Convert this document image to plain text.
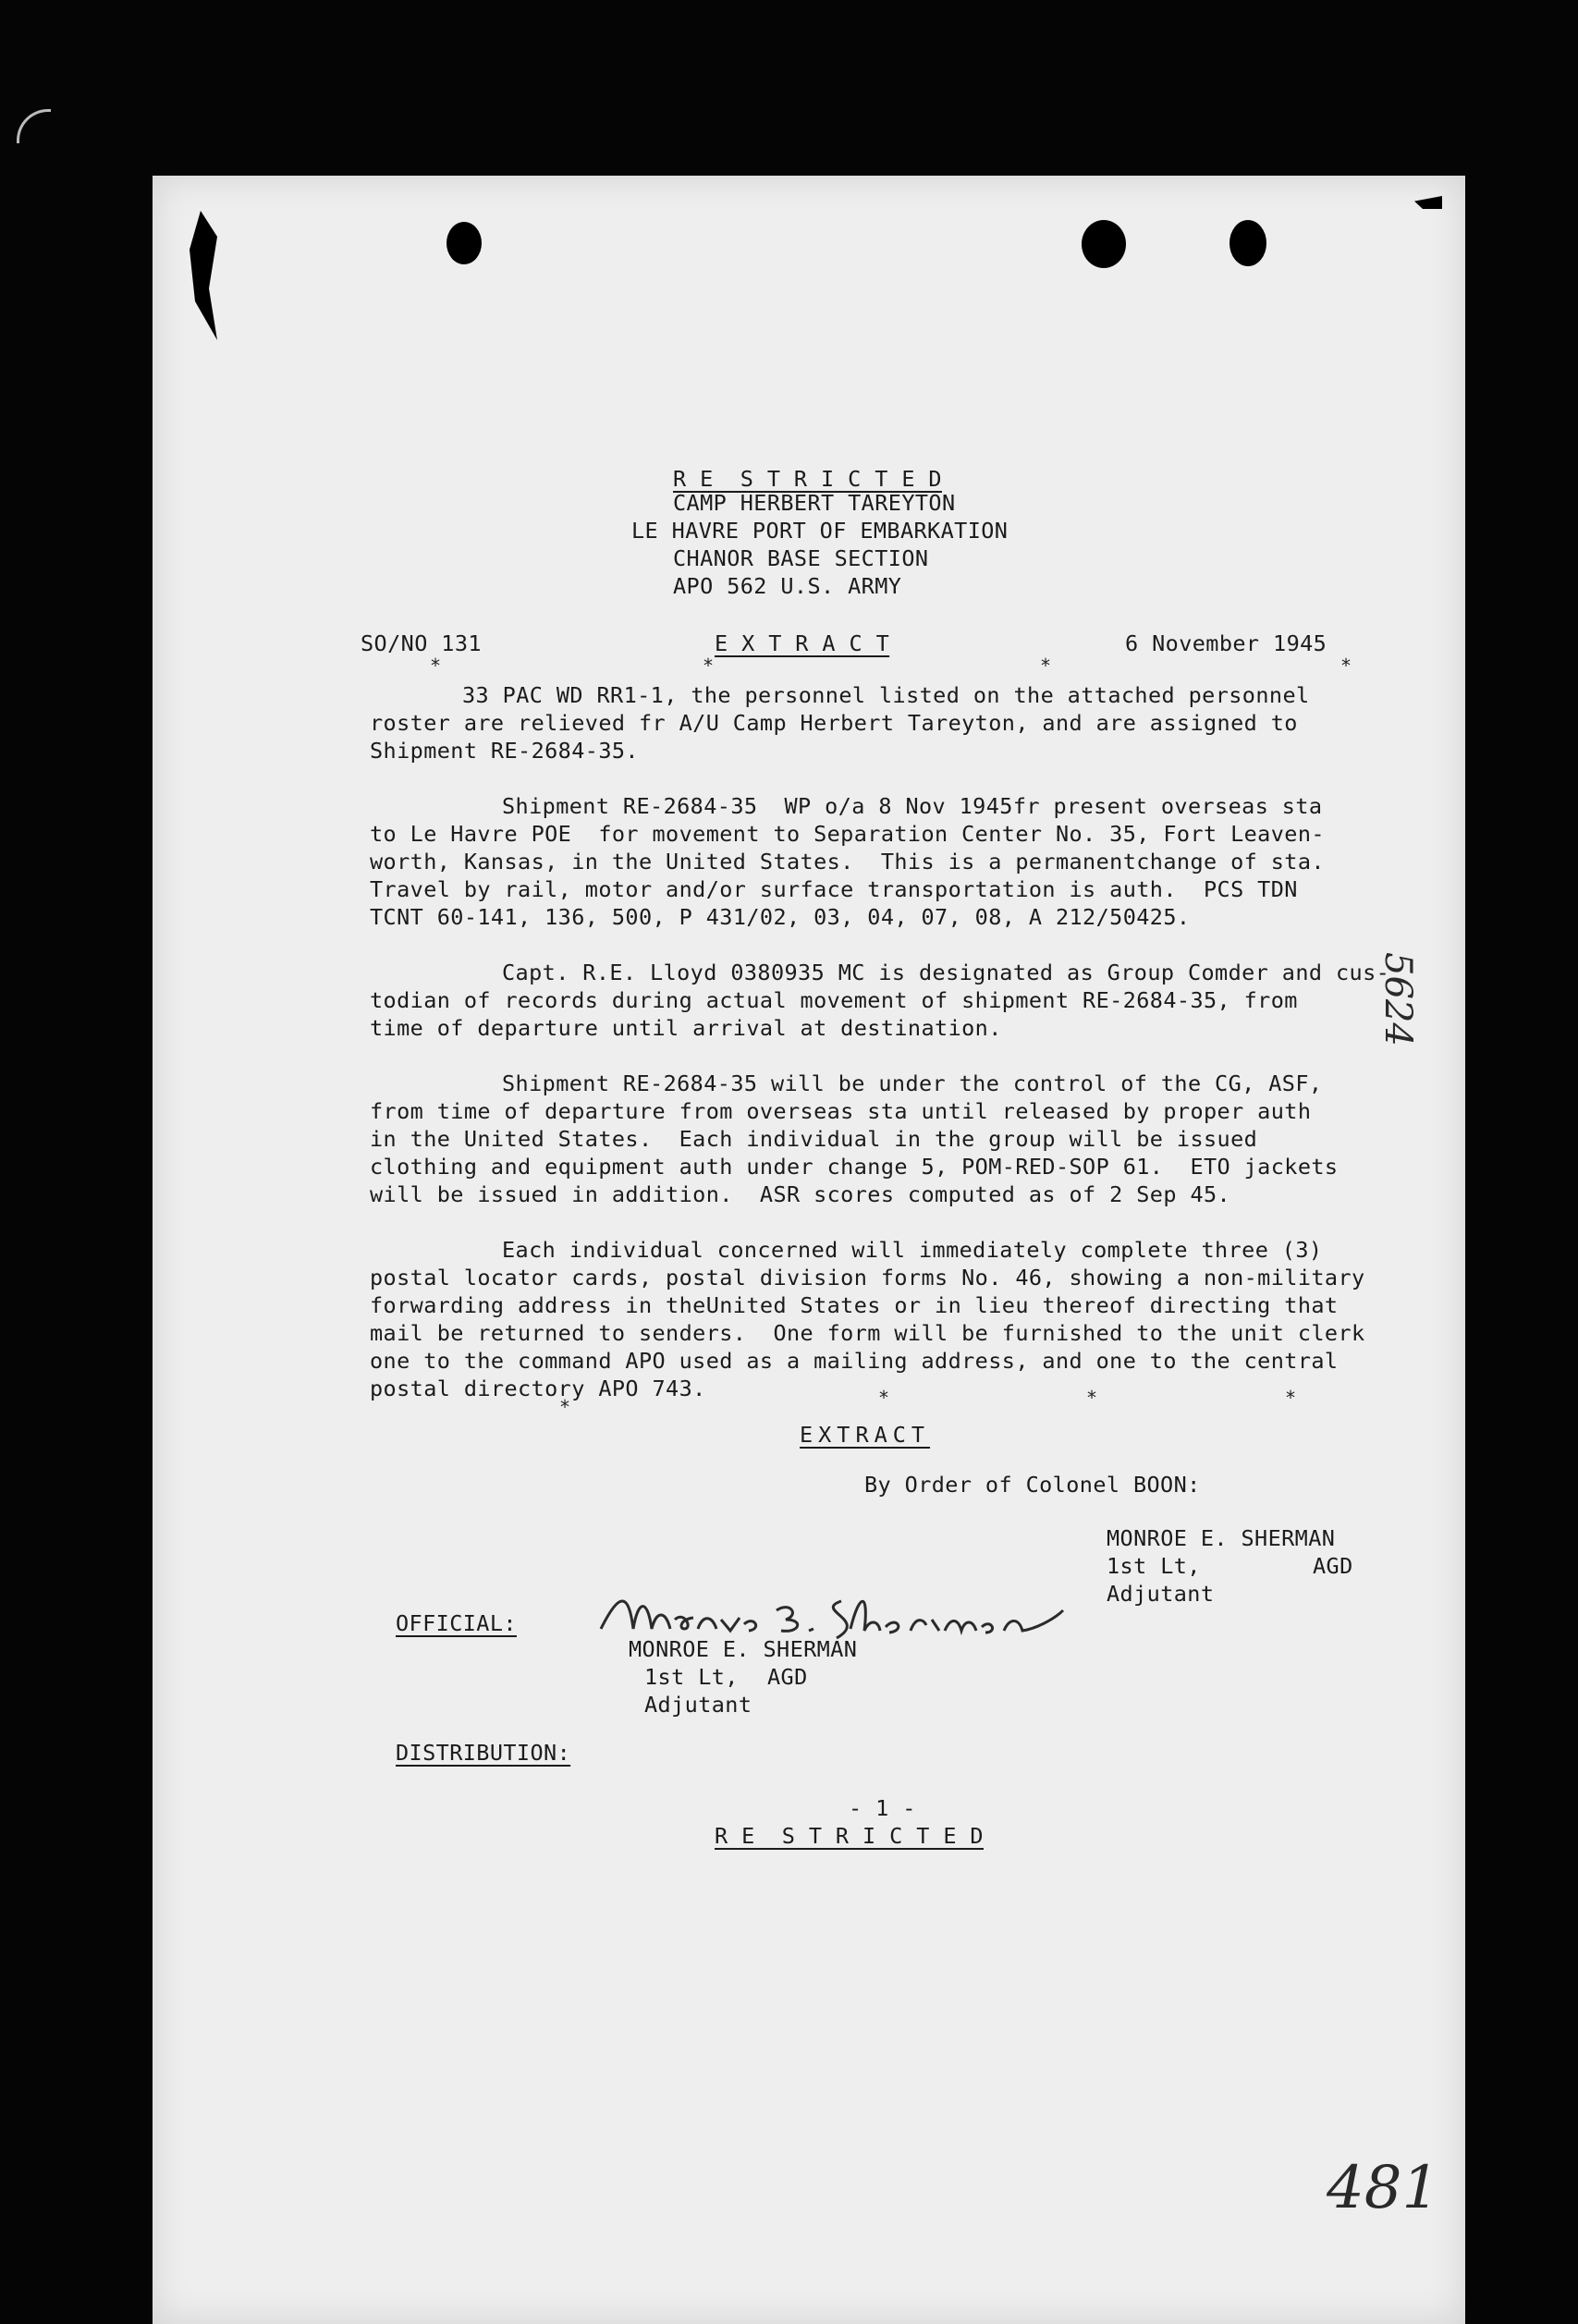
R E  S T R I C T E D
CAMP HERBERT TAREYTON
LE HAVRE PORT OF EMBARKATION
CHANOR BASE SECTION
APO 562 U.S. ARMY
SO/NO 131	E X T R A C T	6 November 1945
*	*	*	*
33 PAC WD RR1-1, the personnel listed on the attached personnel
roster are relieved fr A/U Camp Herbert Tareyton, and are assigned to
Shipment RE-2684-35.
Shipment RE-2684-35  WP o/a 8 Nov 1945fr present overseas sta
to Le Havre POE  for movement to Separation Center No. 35, Fort Leaven-
worth, Kansas, in the United States.  This is a permanentchange of sta.
Travel by rail, motor and/or surface transportation is auth.  PCS TDN
TCNT 60-141, 136, 500, P 431/02, 03, 04, 07, 08, A 212/50425.
Capt. R.E. Lloyd 0380935 MC is designated as Group Comder and cus-
todian of records during actual movement of shipment RE-2684-35, from
time of departure until arrival at destination.
Shipment RE-2684-35 will be under the control of the CG, ASF,
from time of departure from overseas sta until released by proper auth
in the United States.  Each individual in the group will be issued
clothing and equipment auth under change 5, POM-RED-SOP 61.  ETO jackets
will be issued in addition.  ASR scores computed as of 2 Sep 45.
Each individual concerned will immediately complete three (3)
postal locator cards, postal division forms No. 46, showing a non-military
forwarding address in theUnited States or in lieu thereof directing that
mail be returned to senders.  One form will be furnished to the unit clerk
one to the command APO used as a mailing address, and one to the central
postal directory APO 743.
*	*	*	*
EXTRACT
By Order of Colonel BOON:
MONROE E. SHERMAN
1st Lt,	AGD
Adjutant
OFFICIAL:
MONROE E. SHERMAN
1st Lt, AGD
Adjutant
DISTRIBUTION:
- 1 -
R E  S T R I C T E D
5624
481
